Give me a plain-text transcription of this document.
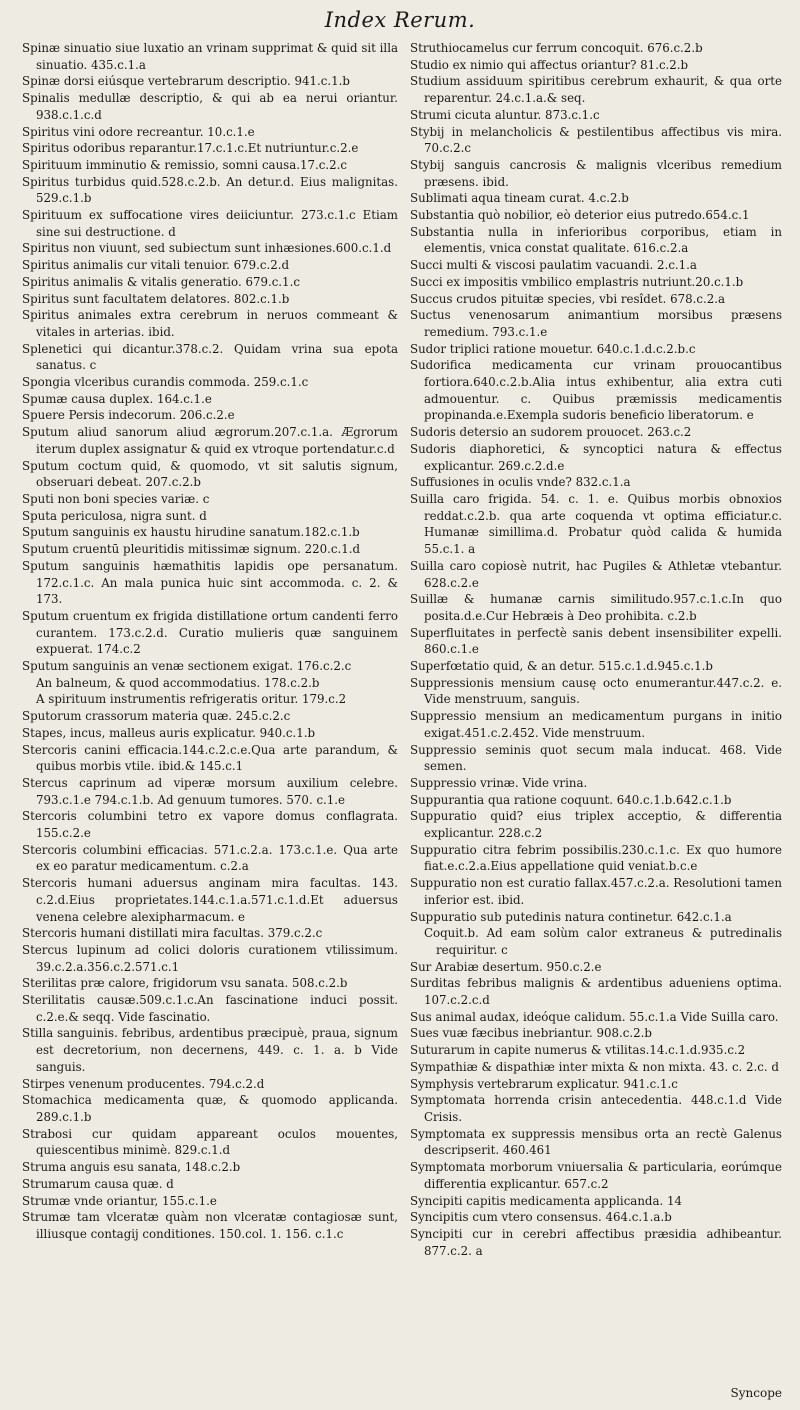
Index Rerum.
Spinæ sinuatio siue luxatio an vrinam supprimat & quid sit illa sinuatio. 435.c.1.a
Spinæ dorsi eiúsque vertebrarum descriptio. 941.c.1.b
Spinalis medullæ descriptio, & qui ab ea nerui oriantur. 938.c.1.c.d
Spiritus vini odore recreantur. 10.c.1.e
Spiritus odoribus reparantur.17.c.1.c.Et nutriuntur.c.2.e
Spirituum imminutio & remissio, somni causa.17.c.2.c
Spiritus turbidus quid.528.c.2.b. An detur.d. Eius malignitas. 529.c.1.b
Spirituum ex suffocatione vires deiiciuntur. 273.c.1.c Etiam sine sui destructione. d
Spiritus non viuunt, sed subiectum sunt inhæsiones.600.c.1.d
Spiritus animalis cur vitali tenuior. 679.c.2.d
Spiritus animalis & vitalis generatio. 679.c.1.c
Spiritus sunt facultatem delatores. 802.c.1.b
Spiritus animales extra cerebrum in neruos commeant & vitales in arterias. ibid.
Splenetici qui dicantur.378.c.2. Quidam vrina sua epota sanatus. c
Spongia vlceribus curandis commoda. 259.c.1.c
Spumæ causa duplex. 164.c.1.e
Spuere Persis indecorum. 206.c.2.e
Sputum aliud sanorum aliud ægrorum.207.c.1.a. Ægrorum iterum duplex assignatur & quid ex vtroque portendatur.c.d
Sputum coctum quid, & quomodo, vt sit salutis signum, obseruari debeat. 207.c.2.b
Sputi non boni species variæ. c
Sputa periculosa, nigra sunt. d
Sputum sanguinis ex haustu hirudine sanatum.182.c.1.b
Sputum cruentū pleuritidis mitissimæ signum. 220.c.1.d
Sputum sanguinis hæmathitis lapidis ope persanatum. 172.c.1.c. An mala punica huic sint accommoda. c. 2. & 173.
Sputum cruentum ex frigida distillatione ortum candenti ferro curantem. 173.c.2.d. Curatio mulieris quæ sanguinem expuerat. 174.c.2
Sputum sanguinis an venæ sectionem exigat. 176.c.2.c
An balneum, & quod accommodatius. 178.c.2.b
A spirituum instrumentis refrigeratis oritur. 179.c.2
Sputorum crassorum materia quæ. 245.c.2.c
Stapes, incus, malleus auris explicatur. 940.c.1.b
Stercoris canini efficacia.144.c.2.c.e.Qua arte parandum, & quibus morbis vtile. ibid.& 145.c.1
Stercus caprinum ad viperæ morsum auxilium celebre. 793.c.1.e 794.c.1.b. Ad genuum tumores. 570. c.1.e
Stercoris columbini tetro ex vapore domus conflagrata. 155.c.2.e
Stercoris columbini efficacias. 571.c.2.a. 173.c.1.e. Qua arte ex eo paratur medicamentum. c.2.a
Stercoris humani aduersus anginam mira facultas. 143. c.2.d.Eius proprietates.144.c.1.a.571.c.1.d.Et aduersus venena celebre alexipharmacum. e
Stercoris humani distillati mira facultas. 379.c.2.c
Stercus lupinum ad colici doloris curationem vtilissimum. 39.c.2.a.356.c.2.571.c.1
Sterilitas præ calore, frigidorum vsu sanata. 508.c.2.b
Sterilitatis causæ.509.c.1.c.An fascinatione induci possit. c.2.e.& seqq. Vide fascinatio.
Stilla sanguinis. febribus, ardentibus præcipuè, praua, signum est decretorium, non decernens, 449. c. 1. a. b Vide sanguis.
Stirpes venenum producentes. 794.c.2.d
Stomachica medicamenta quæ, & quomodo applicanda. 289.c.1.b
Strabosi cur quidam appareant oculos mouentes, quiescentibus minimè. 829.c.1.d
Struma anguis esu sanata, 148.c.2.b
Strumarum causa quæ. d
Strumæ vnde oriantur, 155.c.1.e
Strumæ tam vlceratæ quàm non vlceratæ contagiosæ sunt, illiusque contagij conditiones. 150.col. 1. 156. c.1.c
Struthiocamelus cur ferrum concoquit. 676.c.2.b
Studio ex nimio qui affectus oriantur? 81.c.2.b
Studium assiduum spiritibus cerebrum exhaurit, & qua orte reparentur. 24.c.1.a.& seq.
Strumi cicuta aluntur. 873.c.1.c
Stybij in melancholicis & pestilentibus affectibus vis mira. 70.c.2.c
Stybij sanguis cancrosis & malignis vlceribus remedium præsens. ibid.
Sublimati aqua tineam curat. 4.c.2.b
Substantia quò nobilior, eò deterior eius putredo.654.c.1
Substantia nulla in inferioribus corporibus, etiam in elementis, vnica constat qualitate. 616.c.2.a
Succi multi & viscosi paulatim vacuandi. 2.c.1.a
Succi ex impositis vmbilico emplastris nutriunt.20.c.1.b
Succus crudos pituitæ species, vbi resîdet. 678.c.2.a
Suctus venenosarum animantium morsibus præsens remedium. 793.c.1.e
Sudor triplici ratione mouetur. 640.c.1.d.c.2.b.c
Sudorifica medicamenta cur vrinam prouocantibus fortiora.640.c.2.b.Alia intus exhibentur, alia extra cuti admouentur. c. Quibus præmissis medicamentis propinanda.e.Exempla sudoris beneficio liberatorum. e
Sudoris detersio an sudorem prouocet. 263.c.2
Sudoris diaphoretici, & syncoptici natura & effectus explicantur. 269.c.2.d.e
Suffusiones in oculis vnde? 832.c.1.a
Suilla caro frigida. 54. c. 1. e. Quibus morbis obnoxios reddat.c.2.b. qua arte coquenda vt optima efficiatur.c. Humanæ simillima.d. Probatur quòd calida & humida 55.c.1. a
Suilla caro copiosè nutrit, hac Pugiles & Athletæ vtebantur. 628.c.2.e
Suillæ & humanæ carnis similitudo.957.c.1.c.In quo posita.d.e.Cur Hebræis à Deo prohibita. c.2.b
Superfluitates in perfectè sanis debent insensibiliter expelli. 860.c.1.e
Superfœtatio quid, & an detur. 515.c.1.d.945.c.1.b
Suppressionis mensium causę octo enumerantur.447.c.2. e. Vide menstruum, sanguis.
Suppressio mensium an medicamentum purgans in initio exigat.451.c.2.452. Vide menstruum.
Suppressio seminis quot secum mala inducat. 468. Vide semen.
Suppressio vrinæ. Vide vrina.
Suppurantia qua ratione coquunt. 640.c.1.b.642.c.1.b
Suppuratio quid? eius triplex acceptio, & differentia explicantur. 228.c.2
Suppuratio citra febrim possibilis.230.c.1.c. Ex quo humore fiat.e.c.2.a.Eius appellatione quid veniat.b.c.e
Suppuratio non est curatio fallax.457.c.2.a. Resolutioni tamen inferior est. ibid.
Suppuratio sub putedinis natura continetur. 642.c.1.a
Coquit.b. Ad eam solùm calor extraneus & putredinalis requiritur. c
Sur Arabiæ desertum. 950.c.2.e
Surditas febribus malignis & ardentibus adueniens optima. 107.c.2.c.d
Sus animal audax, ideóque calidum. 55.c.1.a Vide Suilla caro.
Sues vuæ fæcibus inebriantur. 908.c.2.b
Suturarum in capite numerus & vtilitas.14.c.1.d.935.c.2
Sympathiæ & dispathiæ inter mixta & non mixta. 43. c. 2.c. d
Symphysis vertebrarum explicatur. 941.c.1.c
Symptomata horrenda crisin antecedentia. 448.c.1.d Vide Crisis.
Symptomata ex suppressis mensibus orta an rectè Galenus descripserit. 460.461
Symptomata morborum vniuersalia & particularia, eorúmque differentia explicantur. 657.c.2
Syncipiti capitis medicamenta applicanda. 14
Syncipitis cum vtero consensus. 464.c.1.a.b
Syncipiti cur in cerebri affectibus præsidia adhibeantur. 877.c.2. a
Syncope
